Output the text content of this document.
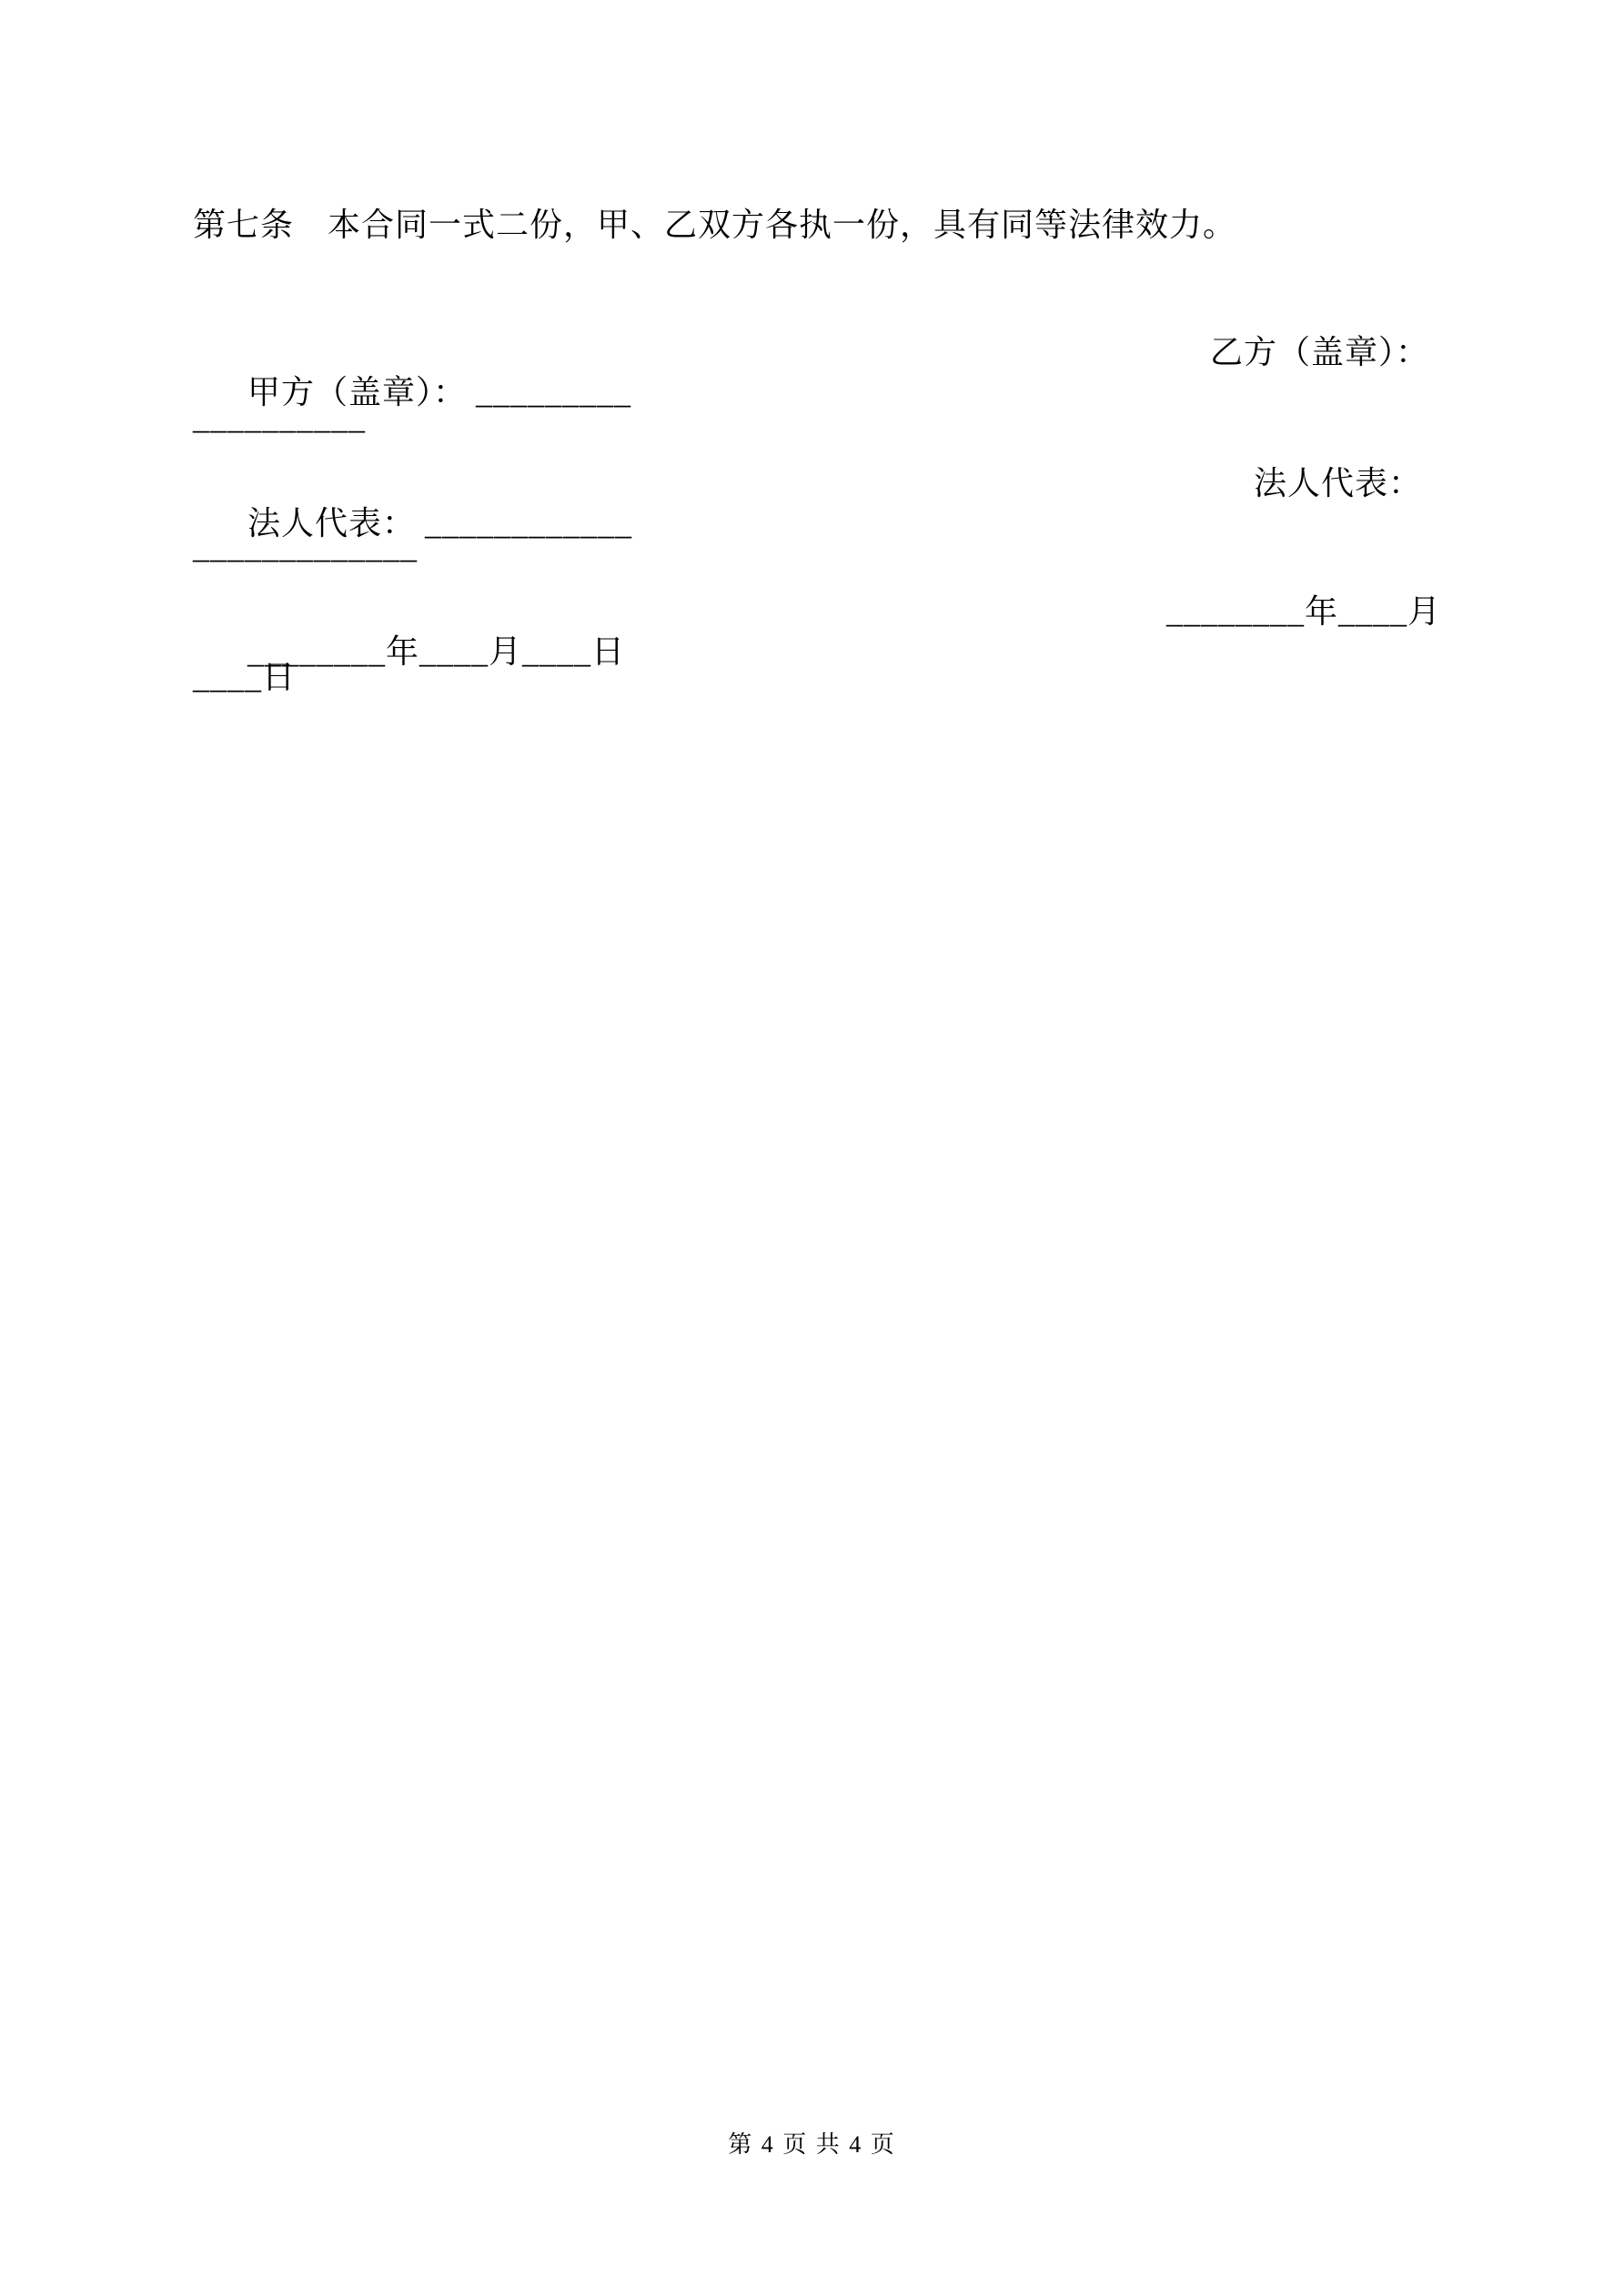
第七条　本合同一式二份，甲、乙双方各执一份，具有同等法律效力。

甲方（盖章）： _________

乙方（盖章）：

__________

法人代表： ____________

法人代表：

_____________

________年____月____日

________年____月

____日
第 4 页 共 4 页
